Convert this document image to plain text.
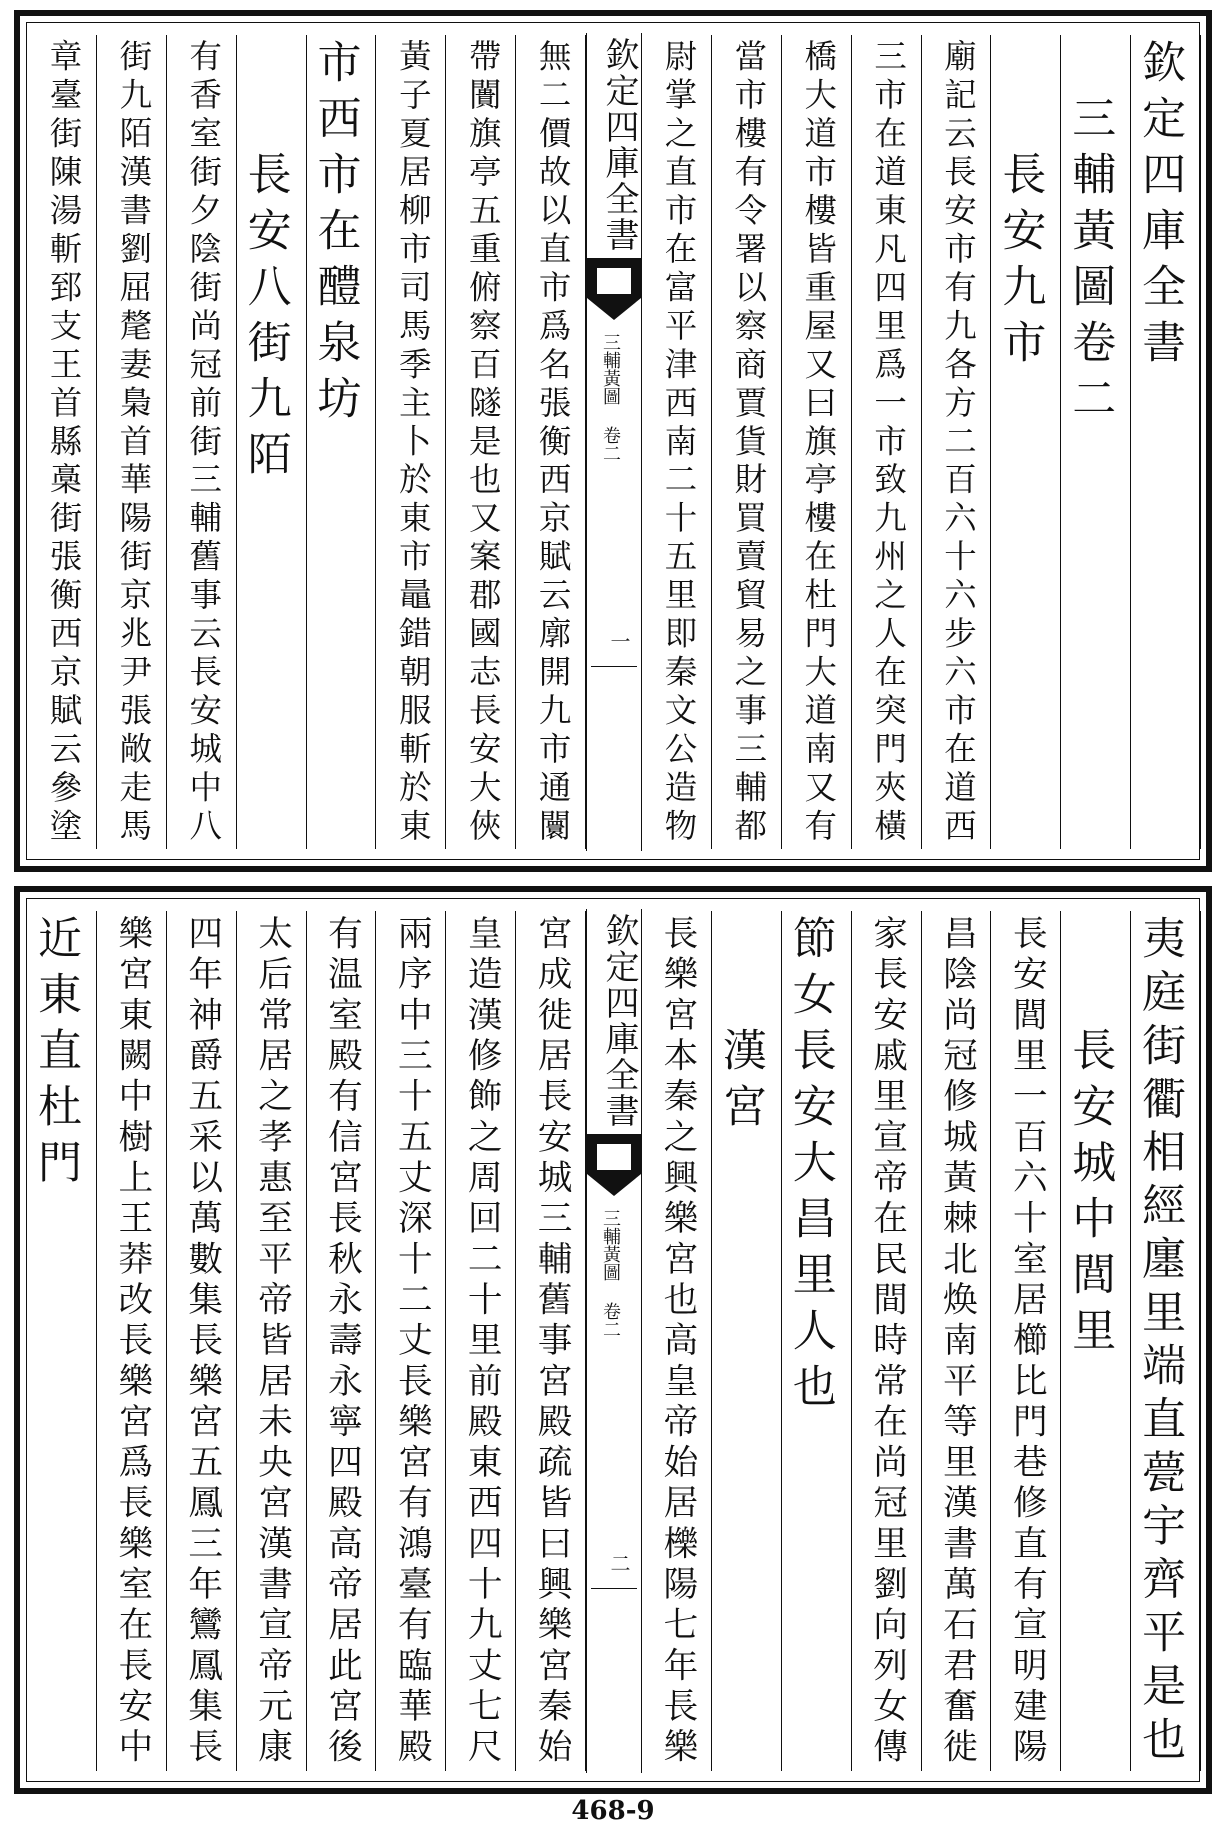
欽定四庫全書
三輔黃圖卷二
長安九市
廟記云長安市有九各方二百六十六步六市在道西
三市在道東凡四里爲一市致九州之人在突門夾橫
橋大道市樓皆重屋又曰旗亭樓在杜門大道南又有
當市樓有令署以察商賈貨財買賣貿易之事三輔都
尉掌之直市在富平津西南二十五里即秦文公造物
欽定四庫全書
三輔黃圖 卷二
一
無二價故以直市爲名張衡西京賦云廓開九市通闤
帶闠旗亭五重俯察百隧是也又案郡國志長安大俠
黃子夏居柳市司馬季主卜於東市鼂錯朝服斬於東
市西市在醴泉坊
長安八街九陌
有香室街夕陰街尚冠前街三輔舊事云長安城中八
街九陌漢書劉屈氂妻梟首華陽街京兆尹張敞走馬
章臺街陳湯斬郅支王首縣槀街張衡西京賦云參塗
夷庭街衢相經廛里端直甍宇齊平是也
長安城中閭里
長安閭里一百六十室居櫛比門巷修直有宣明建陽
昌陰尚冠修城黃棘北焕南平等里漢書萬石君奮徙
家長安戚里宣帝在民間時常在尚冠里劉向列女傳
節女長安大昌里人也
漢宮
長樂宮本秦之興樂宮也高皇帝始居櫟陽七年長樂
欽定四庫全書
三輔黃圖 卷二
二
宮成徙居長安城三輔舊事宮殿疏皆曰興樂宮秦始
皇造漢修飾之周回二十里前殿東西四十九丈七尺
兩序中三十五丈深十二丈長樂宮有鴻臺有臨華殿
有温室殿有信宮長秋永壽永寧四殿高帝居此宮後
太后常居之孝惠至平帝皆居未央宮漢書宣帝元康
四年神爵五采以萬數集長樂宮五鳳三年鸞鳳集長
樂宮東闕中樹上王莽改長樂宮爲長樂室在長安中
近東直杜門
468-9
